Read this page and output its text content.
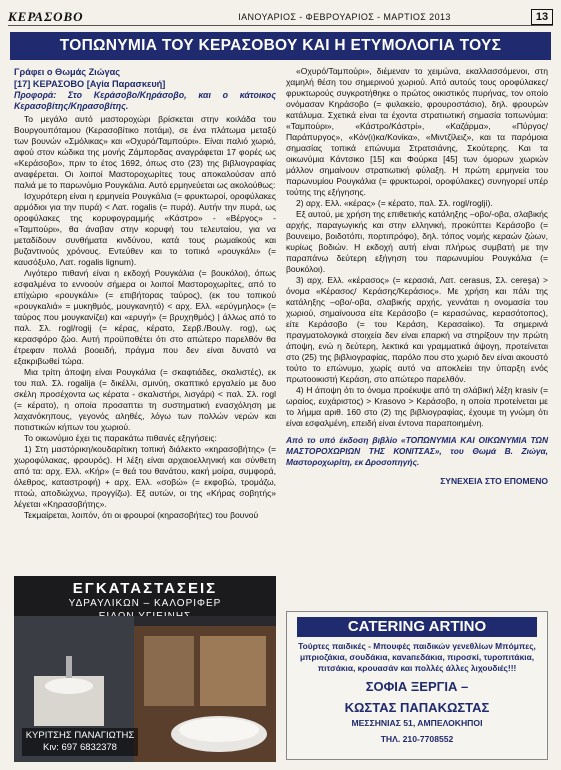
ΚΕΡΑΣΟΒΟ	ΙΑΝΟΥΑΡΙΟΣ - ΦΕΒΡΟΥΑΡΙΟΣ - ΜΑΡΤΙΟΣ 2013	13
ΤΟΠΩΝΥΜΙΑ ΤΟΥ ΚΕΡΑΣΟΒΟΥ ΚΑΙ Η ΕΤΥΜΟΛΟΓΙΑ ΤΟΥΣ
Γράφει ο Θωμάς Ζιώγας
[17] ΚΕΡΑΣΟΒΟ [Αγία Παρασκευή]
Προφορά: Στο Κεράσοβο/Κηράσοβο, και ο κάτοικος Κερασοβίτης/Κηρασοβίτης.

Το μεγάλο αυτό μαστοροχώρι βρίσκεται στην κοιλάδα του Βουργουπόταμου (Κερασοβίτικο ποτάμι), σε ένα πλάτωμα μεταξύ των βουνών «Σμόλικας» και «Οχυρό/Ταμπούρι». Είναι παλιό χωριό, αφού στον κώδικα της μονής Ζάμπορδας αναγράφεται 17 φορές ως «Κεράσοβο», πριν το έτος 1692, όπως στο (23) της βιβλιογραφίας αναφέρεται. Οι λοιποί Μαστοροχωρίτες τους αποκαλούσαν από παλιά με το παρωνύμιο Ρουγκάλια. Αυτό ερμηνεύεται ως ακολούθως:

Ισχυρότερη είναι η ερμηνεία Ρουγκάλια (= φρυκτωροί, οροφύλακες αρμόδιοι για την πυρά) < Λατ. rogalis (= πυρά). Αυτήν την πυρά, ως οροφύλακες της κορυφογραμμής «Κάστρο» - «Βέργος» - «Ταμπούρι», θα άναβαν στην κορυφή του τελευταίου, για να μεταδίδουν συνθήματα κινδύνου, κατά τους ρωμαϊκούς και βυζαντινούς χρόνους. Εντεύθεν και το τοπικό «ρουγκάλι» (= καυσόξυλο, Λατ. rogalis lignum).

Λιγότερο πιθανή είναι η εκδοχή Ρουγκάλια (= βουκόλοι), όπως εσφαλμένα το εννοούν σήμερα οι λοιποί Μαστοροχωρίτες, από το επίχώριο «ρουγκάλι» (= επιβήτορας ταύρος), (εκ του τοπικού «ρουγκαλιά» = μυκηθμός, μουγκανητό) < αρχ. Ελλ. «ερύγμηλος» (= ταύρος που μουγκανίζει) και «ερυγή» (= βρυχηθμός) | άλλως από το παλ. Σλ. rogl/rogij (= κέρας, κέρατο, Σερβ./Βουλγ. rog), ως κερασφόρο ζώο. Αυτή προϋποθέτει ότι στο απώτερο παρελθόν θα έτρεφαν πολλά βοοειδή, πράγμα που δεν είναι δυνατό να εξακριβωθεί τώρα.

Μια τρίτη άποψη είναι Ρουγκάλια (= σκαφτιάδες, σκαλιστές), εκ του παλ. Σλ. rogalija (= δικέλλι, σμινύη, σκαπτικό εργαλείο με δυο σκέλη προσέχοντα ως κέρατα - σκαλιστήρι, λισγάρι) < παλ. Σλ. rogl (= κέρατο), η οποία προσαπτει τη συστηματική ενασχόληση με λαχανόκηπους, γεγονός αληθές, λόγω των πολλών νερών και ποτιστικών κήπων του χωριού.

Το οικωνύμιο έχει τις παρακάτω πιθανές εξηγήσεις:

1) Στη μαστόρικη/κουδαρίτικη τοπική διάλεκτο «κηρασοβήτης» (= χωροφύλακας, φρουρός). Η λέξη είναι αρχαιοελληνική και σύνθετη από τα: αρχ. Ελλ. «Κήρ» (= θεά του θανάτου, κακή μοίρα, συμφορά, όλεθρος, καταστροφή) + αρχ. Ελλ. «σοβώ» (= εκφοβώ, τρομάζω, πτοώ, αποδιώχνω, προγγίζω). Εξ αυτών, οι της «Κήρας σοβητής» λέγεται «Κηρασοβήτης».

Τεκμαίρεται, λοιπόν, ότι οι φρουροί (κηρασοβήτες) του βουνού

«Οχυρό/Ταμπούρι», διέμεναν το χειμώνα, εκαλλασσόμενοι, στη χαμηλή θέση του σημερινού χωριού. Από αυτούς τους οροφύλακες/φρυκτωρούς συγκροτήθηκε ο πρώτος οικιστικός πυρήνας, τον οποίο ονόμασαν Κηράσοβο (= φυλακείο, φρουροστάσιο), δηλ. φρουρών κατάλυμα. Σχετικά είναι τα έχοντα στρατιωτική σημασία τοπωνύμια: «Ταμπούρι», «Κάστρο/Κάστρί», «Καζάρμα», «Πύργος/ Παράπυργος», «Κόν(ι)κα/Κονίκα», «Μιντζίλειζ», και τα παρόμοια σημασίας τοπικά επώνυμα Στρατσιάνης, Σκούτερης. Και τα οικωνύμια Κάντσικο [15] και Φούρκα [45] των όμορων χωριών μάλλον σημαίνουν στρατιωτική φύλαξη. Η πρώτη ερμηνεία του παρωνυμίου Ρουγκάλια (= φρυκτωροί, οροφύλακες) συνηγορεί υπέρ τούτης της εξήγησης.

2) αρχ. Ελλ. «κέρας» (= κέρατο, παλ. Σλ. rogl/roglji).

Εξ αυτού, με χρήση της επιθετικής κατάληξης –οβο/-οβα, σλαβικής αρχής, παραγωγικής και στην ελληνική, προκύπτει Κεράσοβο (= βουνειμο, βοιδοτόπι, πορτιπρόφο), δηλ. τόπος νομής κεραών ζώων, κυρίως βοδιών. Η εκδοχή αυτή είναι πλήρως συμβατή με την παραπάνω δεύτερη εξήγηση του παρωνυμίου Ρουγκάλια (= βουκόλοι).

3) αρχ. Ελλ. «κέρασος» (= κερασιά, Λατ. cerasus, Σλ. cereşa) > όνομα «Κέρασος/ Κεράσης/Κεράσιος». Με χρήση και πάλι της κατάληξης –οβο/-οβα, σλαβικής αρχής, γεννάται η ονομασία του χωριού, σημαίνουσα είτε Κεράσοβο (= κερασώνας, κερασότοπος), είτε Κεράσοβο (= του Κεράση, Κερασαίικο). Τα σημερινά πραγματολογικά στοιχεία δεν είναι επαρκή να στηρίξουν την πρώτη άποψη, ενώ η δεύτερη, λεκτικά και γραμματικά άψογη, προτείνεται στο (25) της βιβλιογραφίας, παρόλο που στο χωριό δεν είναι ακουστό τούτο το επώνυμο, χωρίς αυτό να αποκλείει την ύπαρξη ενός πρωτοοικιστή Κεράση, στο απώτερο παρελθόν.

4) Η άποψη ότι το όνομα προέκυψε από τη σλάβική λέξη krasiv (= ωραίος, ευχάριστος) > Krasovo > Κεράσοβο, η οποία προτείνεται με το λήμμα αριθ. 160 στο (2) της βιβλιογραφίας, έχουμε τη γνώμη ότι είναι εσφαλμένη, επειδή είναι έντονα παραποιημένη.

Από το υπό έκδοση βιβλίο «ΤΟΠΩΝΥΜΙΑ ΚΑΙ ΟΙΚΩΝΥΜΙΑ ΤΩΝ ΜΑΣΤΟΡΟΧΩΡΙΩΝ ΤΗΣ ΚΟΝΙΤΣΑΣ», του Θωμά Β. Ζιώγα, Μαστοροχωρίτη, εκ Δροσοπηγής.
ΣΥΝΕΧΕΙΑ ΣΤΟ ΕΠΟΜΕΝΟ
ΕΓΚΑΤΑΣΤΑΣΕΙΣ
ΥΔΡΑΥΛΙΚΩΝ – ΚΑΛΟΡΙΦΕΡ
ΚΥΡΙΤΣΗΣ ΠΑΝΑΓΙΩΤΗΣ
Κιν: 697 6832378
CATERING ARTINO
Τούρτες παιδικές - Μπουφές παιδικών γενεθλίων Μπόμπες, μπριοζάκια, σουδάκια, κανапεδάκια, πιροσκί, τυροπιτάκια, πιτσάκια, κρουασάν και πολλές άλλες λιχουδιές!!!
ΣΟΦΙΑ ΞΕΡΓΙΑ –
ΚΩΣΤΑΣ ΠΑΠΑΚΩΣΤΑΣ
ΜΕΣΣΗΝΙΑΣ 51, ΑΜΠΕΛΟΚΗΠΟΙ
ΤΗΛ. 210-7708552
